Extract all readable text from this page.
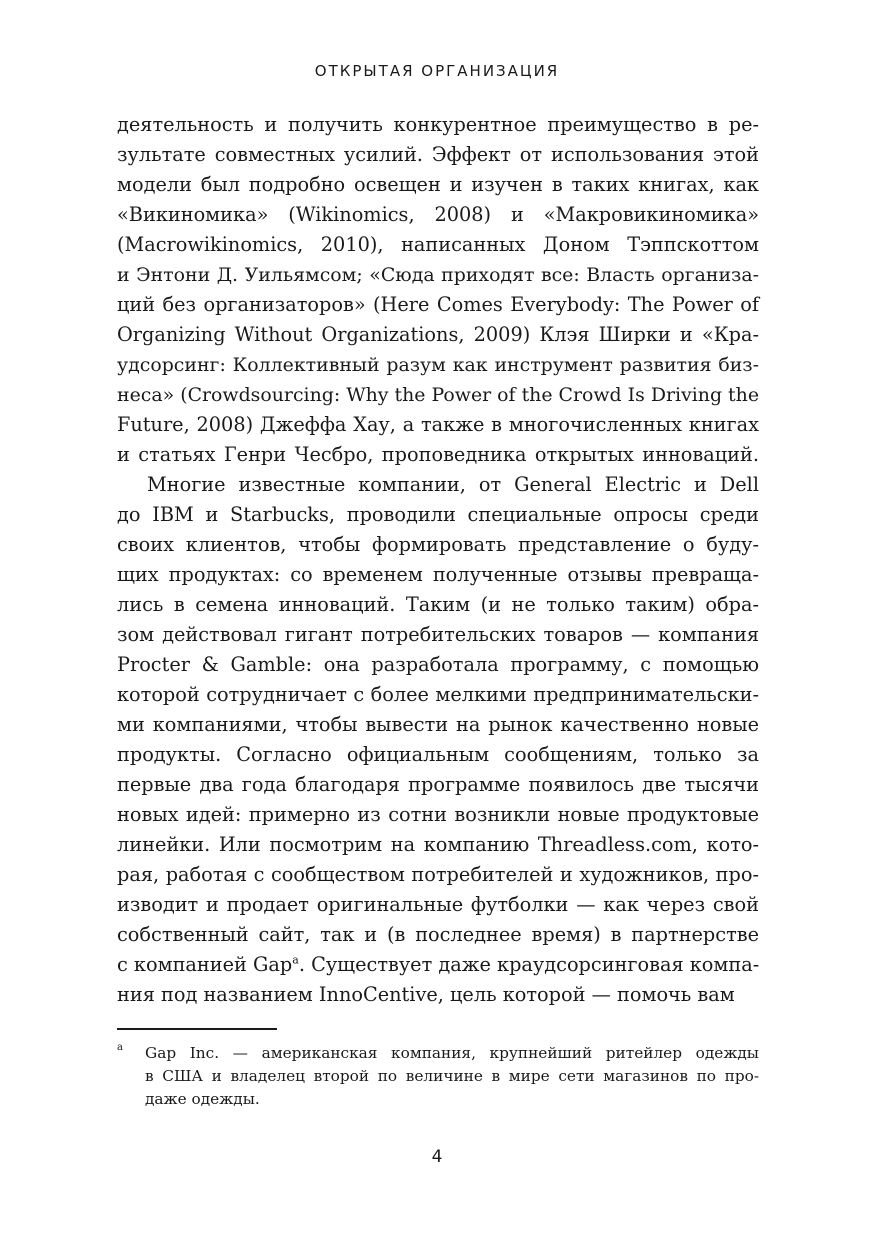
ОТКРЫТАЯ ОРГАНИЗАЦИЯ
деятельность и получить конкурентное преимущество в ре-
зультате совместных усилий. Эффект от использования этой
модели был подробно освещен и изучен в таких книгах, как
«Викиномика» (Wikinomics, 2008) и «Макровикиномика»
(Macrowikinomics, 2010), написанных Доном Тэппскоттом
и Энтони Д. Уильямсом; «Сюда приходят все: Власть организа-
ций без организаторов» (Here Comes Everybody: The Power of
Organizing Without Organizations, 2009) Клэя Ширки и «Кра-
удсорсинг: Коллективный разум как инструмент развития биз-
неса» (Crowdsourcing: Why the Power of the Crowd Is Driving the
Future, 2008) Джеффа Хау, а также в многочисленных книгах
и статьях Генри Чесбро, проповедника открытых инноваций.
Многие известные компании, от General Electric и Dell
до IBM и Starbucks, проводили специальные опросы среди
своих клиентов, чтобы формировать представление о буду-
щих продуктах: со временем полученные отзывы превраща-
лись в семена инноваций. Таким (и не только таким) обра-
зом действовал гигант потребительских товаров — компания
Procter & Gamble: она разработала программу, с помощью
которой сотрудничает с более мелкими предпринимательски-
ми компаниями, чтобы вывести на рынок качественно новые
продукты. Согласно официальным сообщениям, только за
первые два года благодаря программе появилось две тысячи
новых идей: примерно из сотни возникли новые продуктовые
линейки. Или посмотрим на компанию Threadless.com, кото-
рая, работая с сообществом потребителей и художников, про-
изводит и продает оригинальные футболки — как через свой
собственный сайт, так и (в последнее время) в партнерстве
с компанией Gap$^a$. Существует даже краудсорсинговая компа-
ния под названием InnoCentive, цель которой — помочь вам
a Gap Inc. — американская компания, крупнейший ритейлер одежды
в США и владелец второй по величине в мире сети магазинов по про-
даже одежды.
4
